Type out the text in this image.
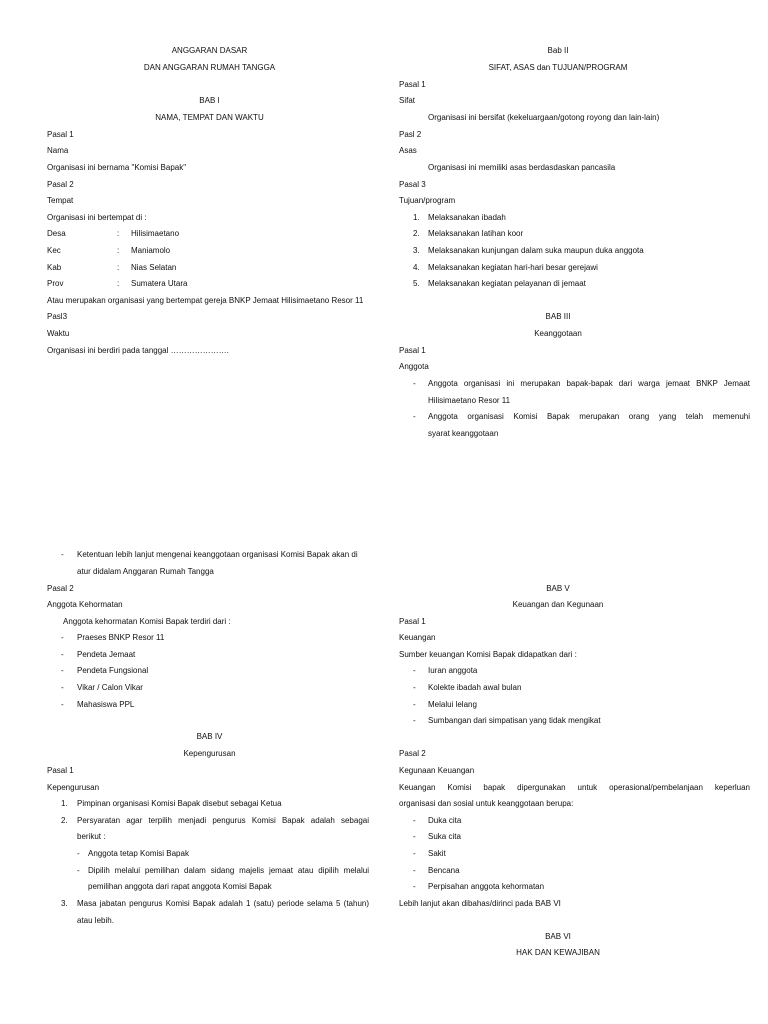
ANGGARAN DASAR
DAN ANGGARAN RUMAH TANGGA
BAB I
NAMA, TEMPAT DAN WAKTU
Pasal 1
Nama
Organisasi ini bernama "Komisi Bapak"
Pasal 2
Tempat
Organisasi ini bertempat di :
Desa	: Hilisimaetano
Kec	: Maniamolo
Kab	: Nias Selatan
Prov	: Sumatera Utara
Atau merupakan organisasi yang bertempat gereja BNKP Jemaat Hilisimaetano Resor 11
Pasl3
Waktu
Organisasi ini berdiri pada tanggal ………………….
- Ketentuan lebih lanjut mengenai keanggotaan organisasi Komisi Bapak akan di
atur didalam Anggaran Rumah Tangga
Pasal 2
Anggota Kehormatan
Anggota kehormatan Komisi Bapak terdiri dari :
- Praeses BNKP Resor 11
- Pendeta Jemaat
- Pendeta Fungsional
- Vikar / Calon Vikar
- Mahasiswa PPL
BAB IV
Kepengurusan
Pasal 1
Kepengurusan
1. Pimpinan organisasi Komisi Bapak disebut sebagai Ketua
2. Persyaratan agar terpilih menjadi pengurus Komisi Bapak adalah sebagai
berikut :
- Anggota tetap Komisi Bapak
- Dipilih melalui pemilihan dalam sidang majelis jemaat atau dipilih melalui
pemilihan anggota dari rapat anggota Komisi Bapak
3. Masa jabatan pengurus Komisi Bapak adalah 1 (satu) periode selama 5 (tahun)
atau lebih.
Bab II
SIFAT, ASAS dan TUJUAN/PROGRAM
Pasal 1
Sifat
Organisasi ini bersifat (kekeluargaan/gotong royong dan lain-lain)
Pasl 2
Asas
Organisasi ini memiliki asas berdasdaskan pancasila
Pasal 3
Tujuan/program
1. Melaksanakan ibadah
2. Melaksanakan latihan koor
3. Melaksanakan kunjungan dalam suka maupun duka anggota
4. Melaksanakan kegiatan hari-hari besar gerejawi
5. Melaksanakan kegiatan pelayanan di jemaat
BAB III
Keanggotaan
Pasal 1
Anggota
- Anggota organisasi ini merupakan bapak-bapak dari warga jemaat BNKP Jemaat
Hilisimaetano Resor 11
- Anggota organisasi Komisi Bapak merupakan orang yang telah memenuhi
syarat keanggotaan
BAB V
Keuangan dan Kegunaan
Pasal 1
Keuangan
Sumber keuangan Komisi Bapak didapatkan dari :
- Iuran anggota
- Kolekte ibadah awal bulan
- Melalui lelang
- Sumbangan dari simpatisan yang tidak mengikat
Pasal 2
Kegunaan Keuangan
Keuangan Komisi bapak dipergunakan untuk operasional/pembelanjaan keperluan
organisasi dan sosial untuk keanggotaan berupa:
- Duka cita
- Suka cita
- Sakit
- Bencana
- Perpisahan anggota kehormatan
Lebih lanjut akan dibahas/dirinci pada BAB VI
BAB VI
HAK DAN KEWAJIBAN
